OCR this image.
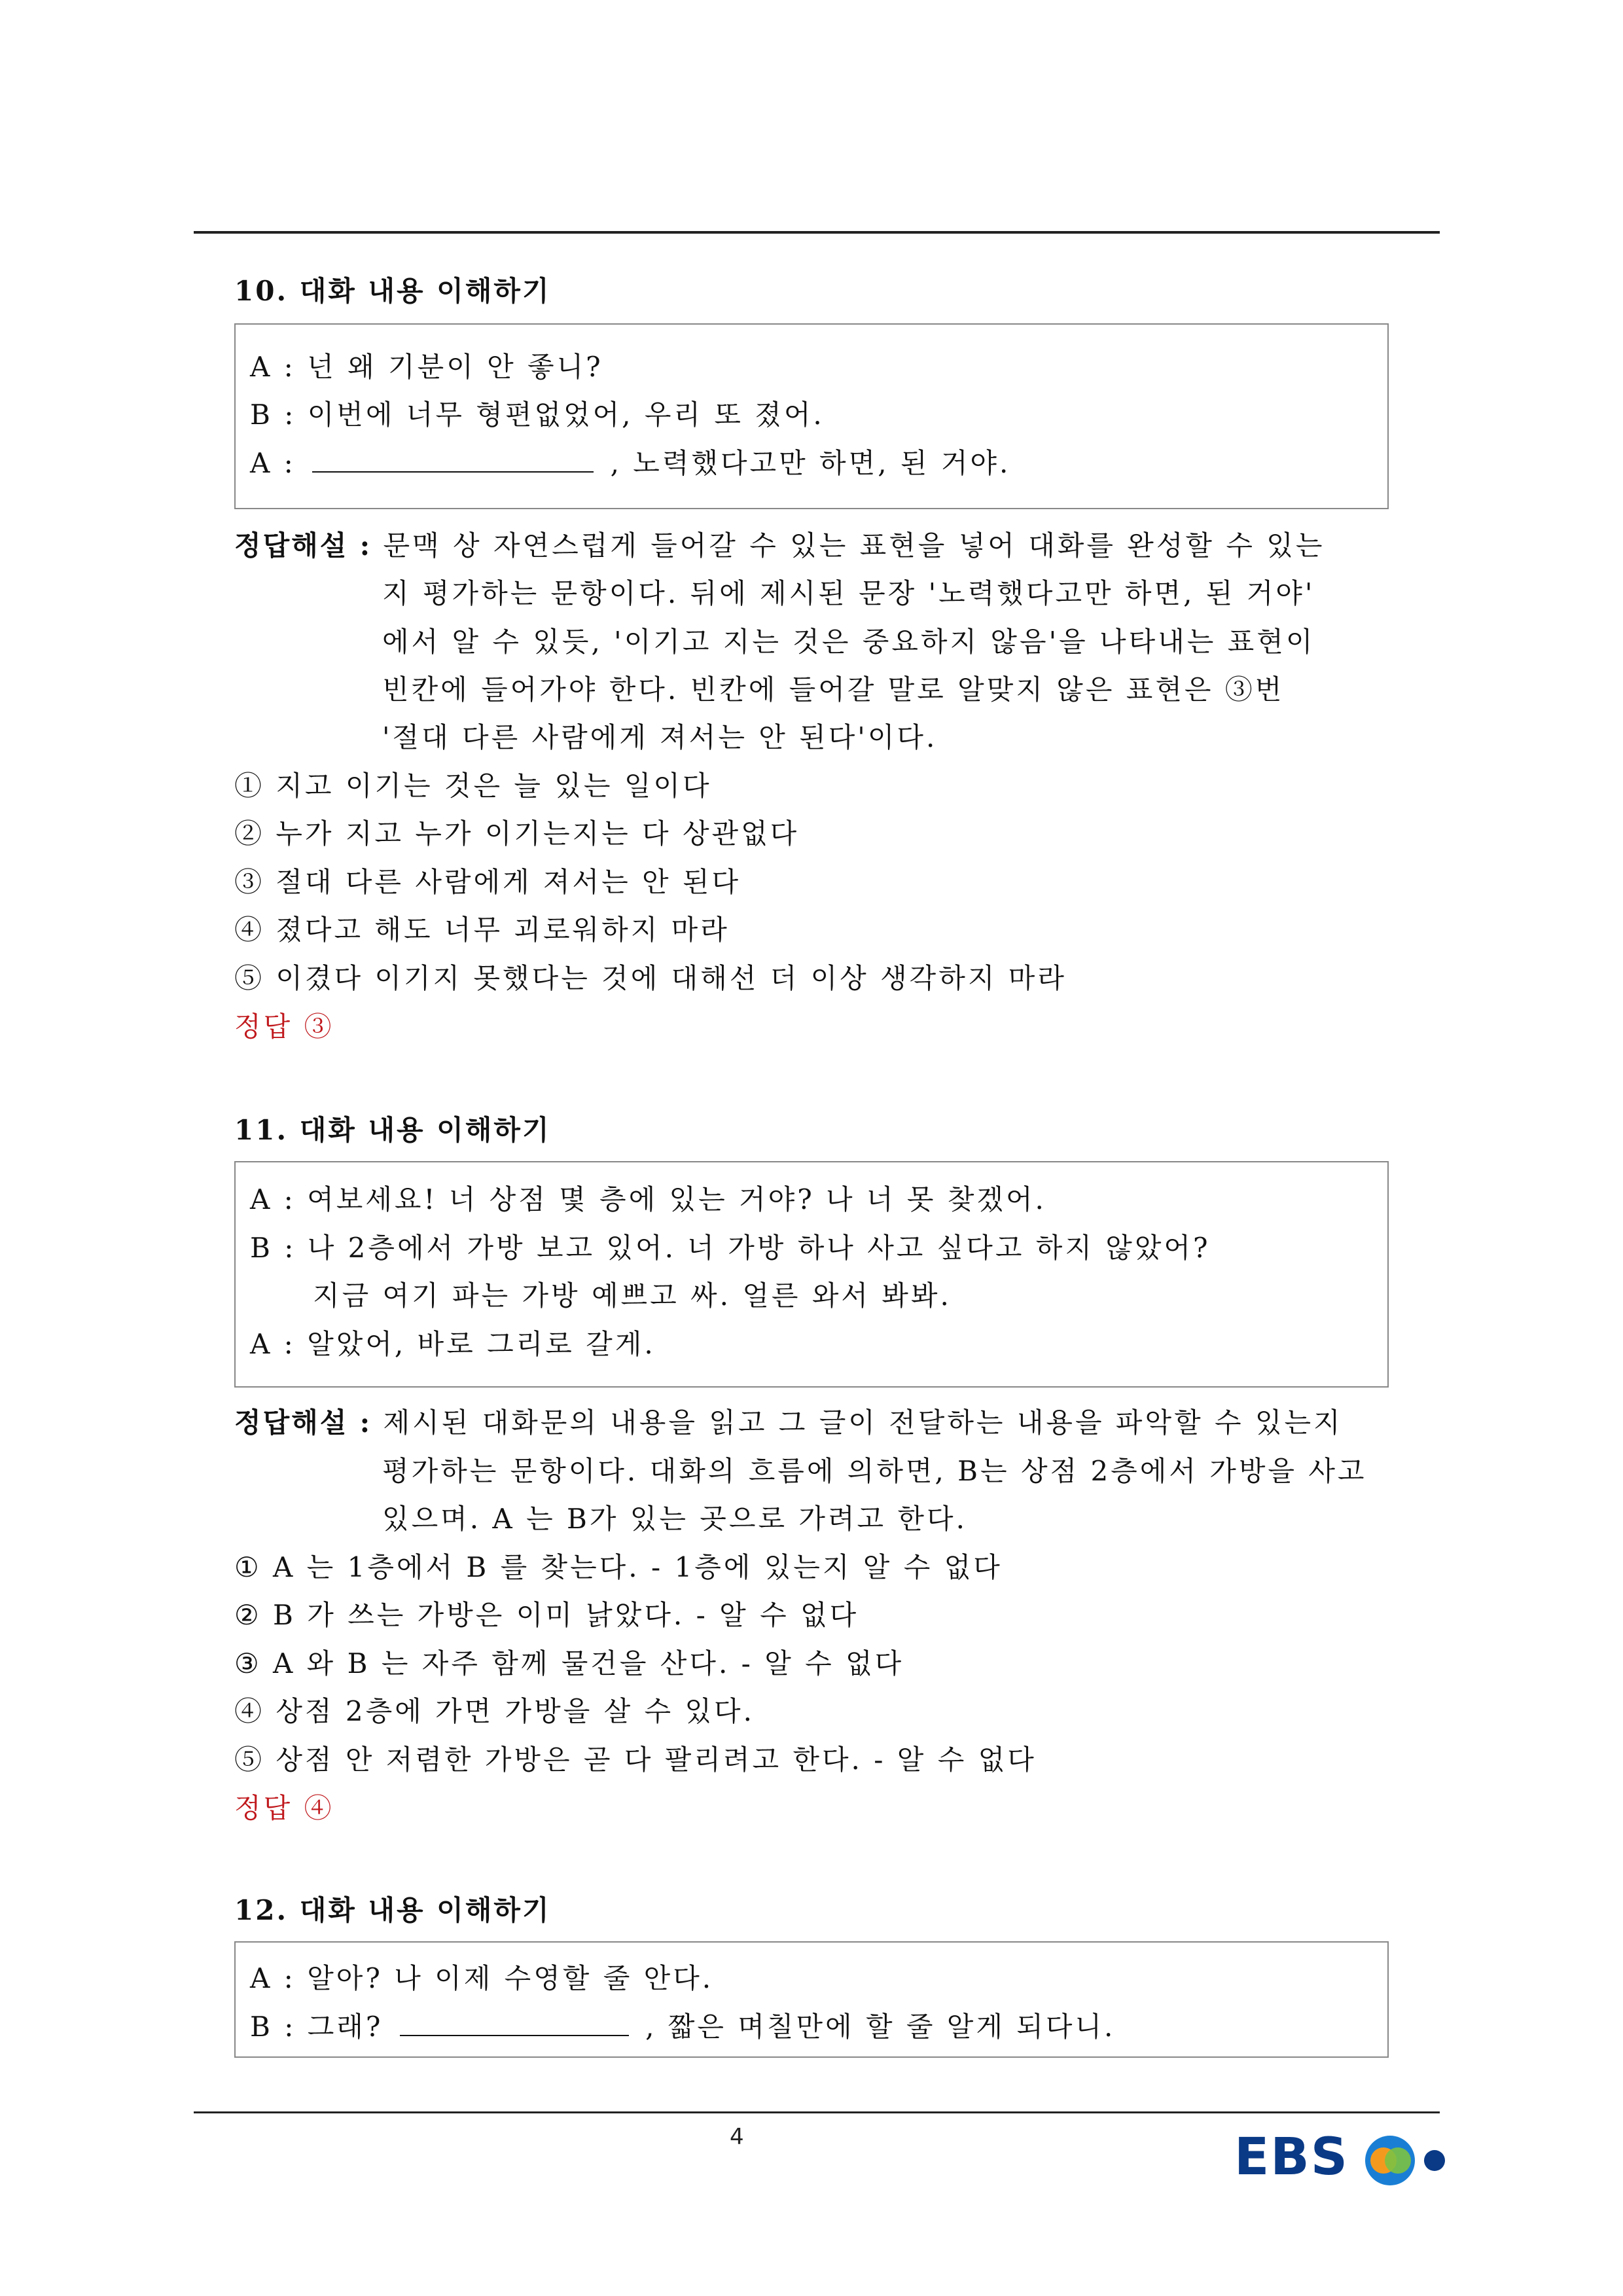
10. 대화 내용 이해하기
A : 넌 왜 기분이 안 좋니?
B : 이번에 너무 형편없었어, 우리 또 졌어.
A :	, 노력했다고만 하면, 된 거야.
정답해설 : 문맥 상 자연스럽게 들어갈 수 있는 표현을 넣어 대화를 완성할 수 있는
지 평가하는 문항이다. 뒤에 제시된 문장 '노력했다고만 하면, 된 거야'
에서 알 수 있듯, '이기고 지는 것은 중요하지 않음'을 나타내는 표현이
빈칸에 들어가야 한다. 빈칸에 들어갈 말로 알맞지 않은 표현은 ③번
'절대 다른 사람에게 져서는 안 된다'이다.
① 지고 이기는 것은 늘 있는 일이다
② 누가 지고 누가 이기는지는 다 상관없다
③ 절대 다른 사람에게 져서는 안 된다
④ 졌다고 해도 너무 괴로워하지 마라
⑤ 이겼다 이기지 못했다는 것에 대해선 더 이상 생각하지 마라
정답 ③
11. 대화 내용 이해하기
A : 여보세요! 너 상점 몇 층에 있는 거야? 나 너 못 찾겠어.
B : 나 2층에서 가방 보고 있어. 너 가방 하나 사고 싶다고 하지 않았어?
지금 여기 파는 가방 예쁘고 싸. 얼른 와서 봐봐.
A : 알았어, 바로 그리로 갈게.
정답해설 : 제시된 대화문의 내용을 읽고 그 글이 전달하는 내용을 파악할 수 있는지
평가하는 문항이다. 대화의 흐름에 의하면, B는 상점 2층에서 가방을 사고
있으며. A 는 B가 있는 곳으로 가려고 한다.
① A 는 1층에서 B 를 찾는다. - 1층에 있는지 알 수 없다
② B 가 쓰는 가방은 이미 낡았다. - 알 수 없다
③ A 와 B 는 자주 함께 물건을 산다. - 알 수 없다
④ 상점 2층에 가면 가방을 살 수 있다.
⑤ 상점 안 저렴한 가방은 곧 다 팔리려고 한다. - 알 수 없다
정답 ④
12. 대화 내용 이해하기
A : 알아? 나 이제 수영할 줄 안다.
B : 그래?	, 짧은 며칠만에 할 줄 알게 되다니.
4	EBS
